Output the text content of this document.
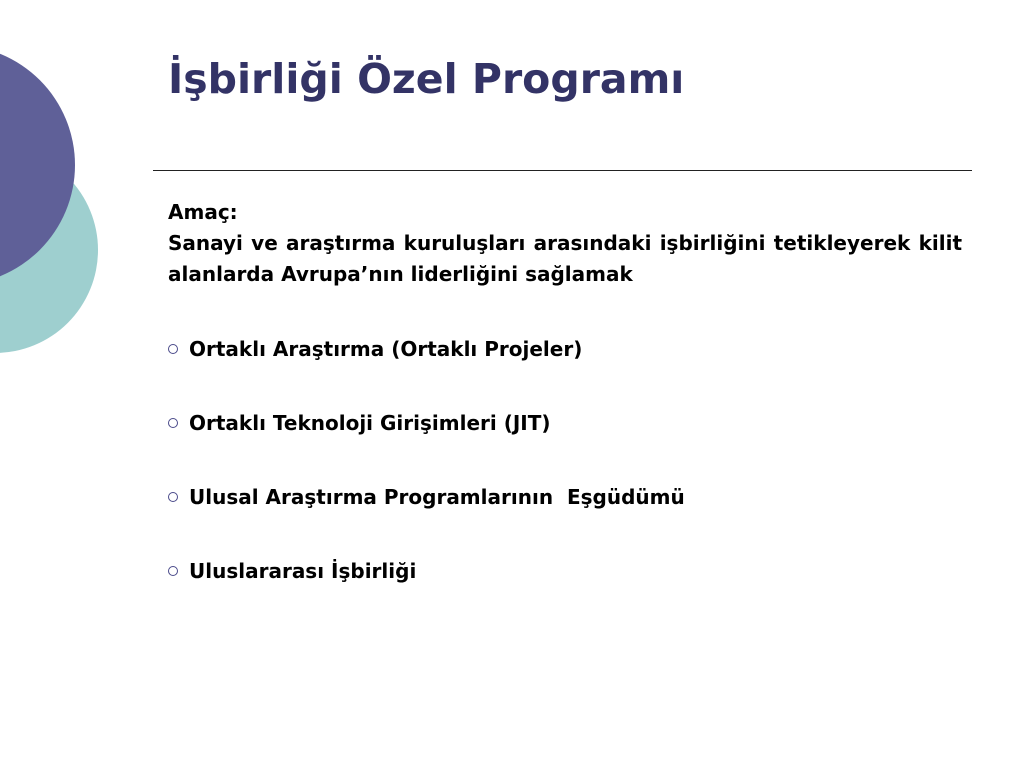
İşbirliği Özel Programı

Amaç:

Sanayi ve araştırma kuruluşları arasındaki işbirliğini tetikleyerek kilit alanlarda Avrupa’nın liderliğini sağlamak

Ortaklı Araştırma (Ortaklı Projeler)
Ortaklı Teknoloji Girişimleri (JIT)
Ulusal Araştırma Programlarının  Eşgüdümü
Uluslararası İşbirliği
